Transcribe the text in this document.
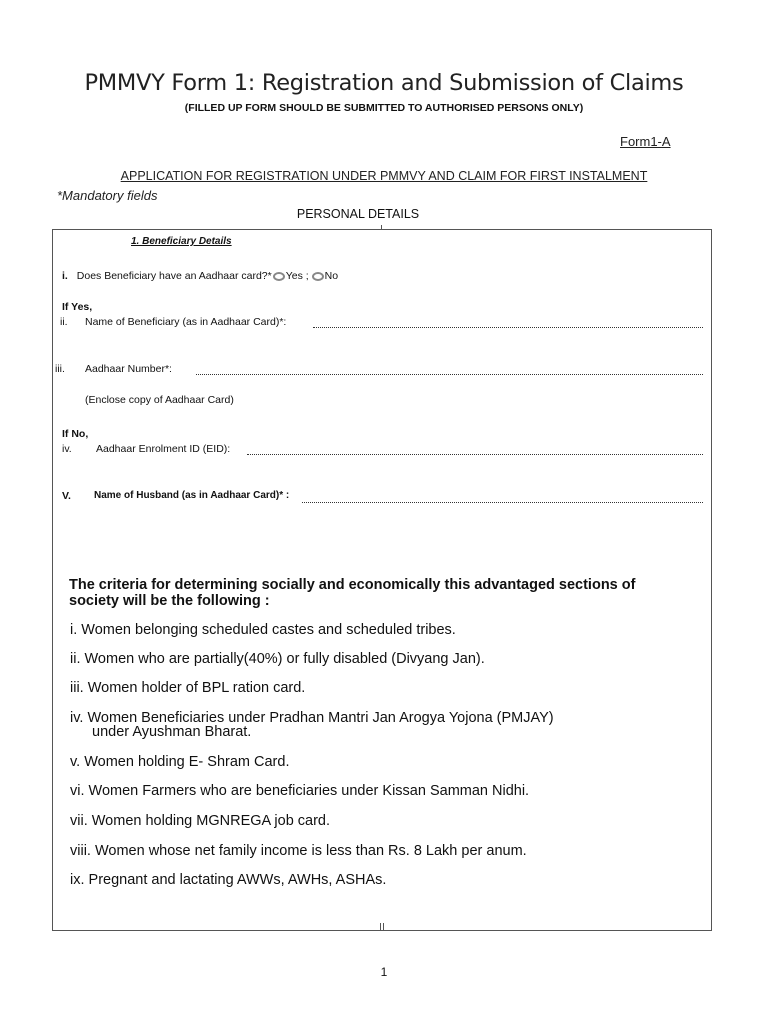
PMMVY Form 1: Registration and Submission of Claims
(FILLED UP FORM SHOULD BE SUBMITTED TO AUTHORISED PERSONS ONLY)
Form1-A
APPLICATION FOR REGISTRATION UNDER PMMVY AND CLAIM FOR FIRST INSTALMENT
*Mandatory fields
PERSONAL DETAILS
1. Beneficiary Details
i. Does Beneficiary have an Aadhaar card?* Yes ; No
If Yes,
ii. Name of Beneficiary (as in Aadhaar Card)*:
iii. Aadhaar Number*:
(Enclose copy of Aadhaar Card)
If No,
iv. Aadhaar Enrolment ID (EID):
V. Name of Husband (as in Aadhaar Card)* :
The criteria for determining socially and economically this advantaged sections of
society will be the following :
i. Women belonging scheduled castes and scheduled tribes.
ii. Women who are partially(40%) or fully disabled (Divyang Jan).
iii. Women holder of BPL ration card.
iv. Women Beneficiaries under Pradhan Mantri Jan Arogya Yojona (PMJAY)
under Ayushman Bharat.
v. Women holding E- Shram Card.
vi. Women Farmers who are beneficiaries under Kissan Samman Nidhi.
vii. Women holding MGNREGA job card.
viii. Women whose net family income is less than Rs. 8 Lakh per anum.
ix. Pregnant and lactating AWWs, AWHs, ASHAs.
1
